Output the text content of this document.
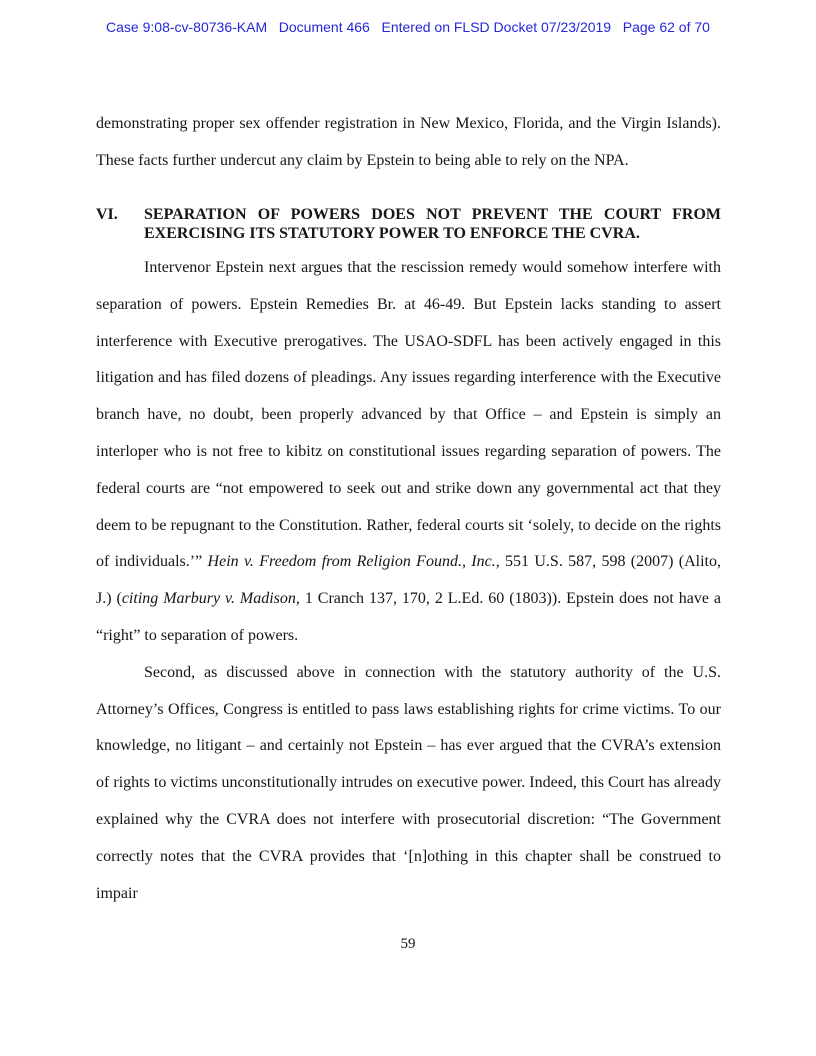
Case 9:08-cv-80736-KAM   Document 466   Entered on FLSD Docket 07/23/2019   Page 62 of 70

demonstrating proper sex offender registration in New Mexico, Florida, and the Virgin Islands). These facts further undercut any claim by Epstein to being able to rely on the NPA.

VI. SEPARATION OF POWERS DOES NOT PREVENT THE COURT FROM EXERCISING ITS STATUTORY POWER TO ENFORCE THE CVRA.

Intervenor Epstein next argues that the rescission remedy would somehow interfere with separation of powers. Epstein Remedies Br. at 46-49. But Epstein lacks standing to assert interference with Executive prerogatives. The USAO-SDFL has been actively engaged in this litigation and has filed dozens of pleadings. Any issues regarding interference with the Executive branch have, no doubt, been properly advanced by that Office – and Epstein is simply an interloper who is not free to kibitz on constitutional issues regarding separation of powers. The federal courts are “not empowered to seek out and strike down any governmental act that they deem to be repugnant to the Constitution. Rather, federal courts sit ‘solely, to decide on the rights of individuals.’” Hein v. Freedom from Religion Found., Inc., 551 U.S. 587, 598 (2007) (Alito, J.) (citing Marbury v. Madison, 1 Cranch 137, 170, 2 L.Ed. 60 (1803)). Epstein does not have a “right” to separation of powers.

Second, as discussed above in connection with the statutory authority of the U.S. Attorney’s Offices, Congress is entitled to pass laws establishing rights for crime victims. To our knowledge, no litigant – and certainly not Epstein – has ever argued that the CVRA’s extension of rights to victims unconstitutionally intrudes on executive power. Indeed, this Court has already explained why the CVRA does not interfere with prosecutorial discretion: “The Government correctly notes that the CVRA provides that ‘[n]othing in this chapter shall be construed to impair

59
